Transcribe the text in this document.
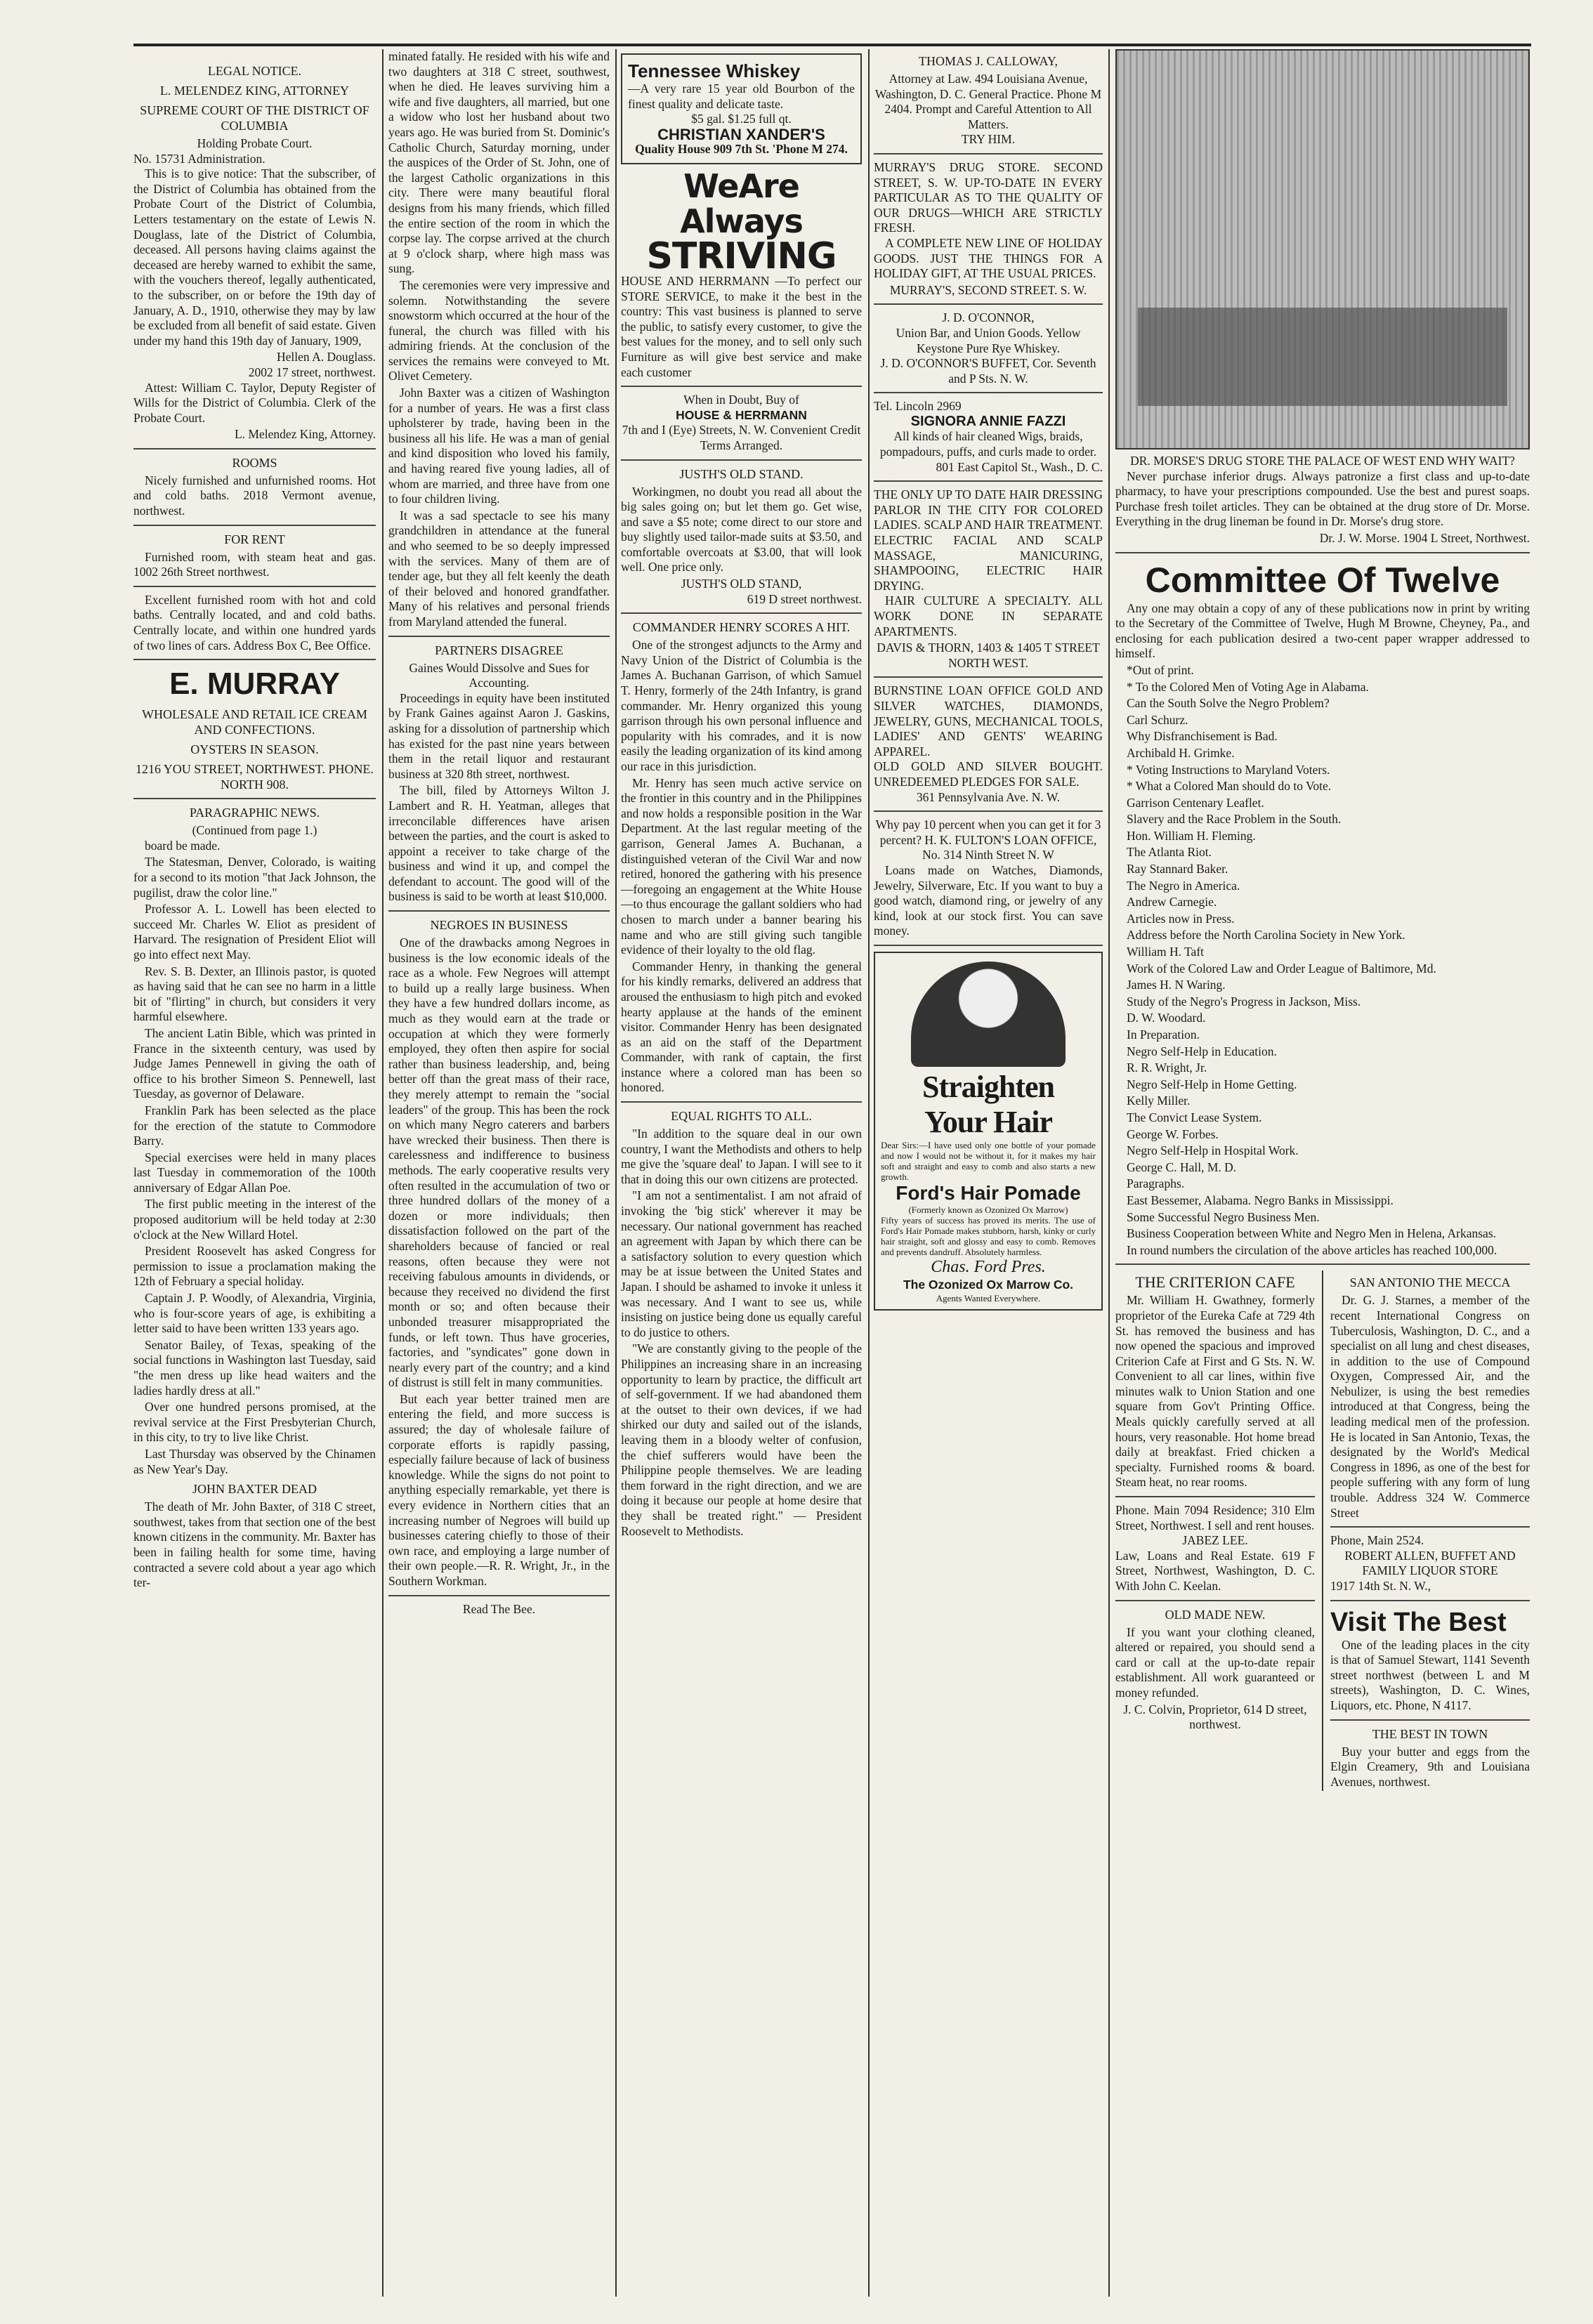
LEGAL NOTICE.
L. MELENDEZ KING, ATTORNEY
SUPREME COURT OF THE DISTRICT OF COLUMBIA
Holding Probate Court.
No. 15731 Administration.

This is to give notice: That the subscriber, of the District of Columbia has obtained from the Probate Court of the District of Columbia, Letters testamentary on the estate of Lewis N. Douglass, late of the District of Columbia, deceased. All persons having claims against the deceased are hereby warned to exhibit the same, with the vouchers thereof, legally authenticated, to the subscriber, on or before the 19th day of January, A. D., 1910, otherwise they may by law be excluded from all benefit of said estate. Given under my hand this 19th day of January, 1909,

Hellen A. Douglass.
2002 17 street, northwest.

Attest: William C. Taylor, Deputy Register of Wills for the District of Columbia. Clerk of the Probate Court.

L. Melendez King, Attorney.
ROOMS

Nicely furnished and unfurnished rooms. Hot and cold baths. 2018 Vermont avenue, northwest.

FOR RENT

Furnished room, with steam heat and gas. 1002 26th Street northwest.

Excellent furnished room with hot and cold baths. Centrally located, and and cold baths. Centrally locate, and within one hundred yards of two lines of cars. Address Box C, Bee Office.

E. MURRAY
WHOLESALE AND RETAIL ICE CREAM AND CONFECTIONS.
OYSTERS IN SEASON.
1216 YOU STREET, NORTHWEST. PHONE. NORTH 908.
PARAGRAPHIC NEWS.
(Continued from page 1.)

board be made.

The Statesman, Denver, Colorado, is waiting for a second to its motion "that Jack Johnson, the pugilist, draw the color line."

Professor A. L. Lowell has been elected to succeed Mr. Charles W. Eliot as president of Harvard. The resignation of President Eliot will go into effect next May.

Rev. S. B. Dexter, an Illinois pastor, is quoted as having said that he can see no harm in a little bit of "flirting" in church, but considers it very harmful elsewhere.

The ancient Latin Bible, which was printed in France in the sixteenth century, was used by Judge James Pennewell in giving the oath of office to his brother Simeon S. Pennewell, last Tuesday, as governor of Delaware.

Franklin Park has been selected as the place for the erection of the statute to Commodore Barry.

Special exercises were held in many places last Tuesday in commemoration of the 100th anniversary of Edgar Allan Poe.

The first public meeting in the interest of the proposed auditorium will be held today at 2:30 o'clock at the New Willard Hotel.

President Roosevelt has asked Congress for permission to issue a proclamation making the 12th of February a special holiday.

Captain J. P. Woodly, of Alexandria, Virginia, who is four-score years of age, is exhibiting a letter said to have been written 133 years ago.

Senator Bailey, of Texas, speaking of the social functions in Washington last Tuesday, said "the men dress up like head waiters and the ladies hardly dress at all."

Over one hundred persons promised, at the revival service at the First Presbyterian Church, in this city, to try to live like Christ.

Last Thursday was observed by the Chinamen as New Year's Day.

JOHN BAXTER DEAD

The death of Mr. John Baxter, of 318 C street, southwest, takes from that section one of the best known citizens in the community. Mr. Baxter has been in failing health for some time, having contracted a severe cold about a year ago which ter-

minated fatally. He resided with his wife and two daughters at 318 C street, southwest, when he died. He leaves surviving him a wife and five daughters, all married, but one a widow who lost her husband about two years ago. He was buried from St. Dominic's Catholic Church, Saturday morning, under the auspices of the Order of St. John, one of the largest Catholic organizations in this city. There were many beautiful floral designs from his many friends, which filled the entire section of the room in which the corpse lay. The corpse arrived at the church at 9 o'clock sharp, where high mass was sung.

The ceremonies were very impressive and solemn. Notwithstanding the severe snowstorm which occurred at the hour of the funeral, the church was filled with his admiring friends. At the conclusion of the services the remains were conveyed to Mt. Olivet Cemetery.

John Baxter was a citizen of Washington for a number of years. He was a first class upholsterer by trade, having been in the business all his life. He was a man of genial and kind disposition who loved his family, and having reared five young ladies, all of whom are married, and three have from one to four children living.

It was a sad spectacle to see his many grandchildren in attendance at the funeral and who seemed to be so deeply impressed with the services. Many of them are of tender age, but they all felt keenly the death of their beloved and honored grandfather. Many of his relatives and personal friends from Maryland attended the funeral.

PARTNERS DISAGREE
Gaines Would Dissolve and Sues for Accounting.

Proceedings in equity have been instituted by Frank Gaines against Aaron J. Gaskins, asking for a dissolution of partnership which has existed for the past nine years between them in the retail liquor and restaurant business at 320 8th street, northwest.

The bill, filed by Attorneys Wilton J. Lambert and R. H. Yeatman, alleges that irreconcilable differences have arisen between the parties, and the court is asked to appoint a receiver to take charge of the business and wind it up, and compel the defendant to account. The good will of the business is said to be worth at least $10,000.

NEGROES IN BUSINESS

One of the drawbacks among Negroes in business is the low economic ideals of the race as a whole. Few Negroes will attempt to build up a really large business. When they have a few hundred dollars income, as much as they would earn at the trade or occupation at which they were formerly employed, they often then aspire for social rather than business leadership, and, being better off than the great mass of their race, they merely attempt to remain the "social leaders" of the group. This has been the rock on which many Negro caterers and barbers have wrecked their business. Then there is carelessness and indifference to business methods. The early cooperative results very often resulted in the accumulation of two or three hundred dollars of the money of a dozen or more individuals; then dissatisfaction followed on the part of the shareholders because of fancied or real reasons, often because they were not receiving fabulous amounts in dividends, or because they received no dividend the first month or so; and often because their unbonded treasurer misappropriated the funds, or left town. Thus have groceries, factories, and "syndicates" gone down in nearly every part of the country; and a kind of distrust is still felt in many communities.

But each year better trained men are entering the field, and more success is assured; the day of wholesale failure of corporate efforts is rapidly passing, especially failure because of lack of business knowledge. While the signs do not point to anything especially remarkable, yet there is every evidence in Northern cities that an increasing number of Negroes will build up businesses catering chiefly to those of their own race, and employing a large number of their own people.—R. R. Wright, Jr., in the Southern Workman.

Read The Bee.
Tennessee Whiskey
—A very rare 15 year old Bourbon of the finest quality and delicate taste.
$5 gal. $1.25 full qt.
CHRISTIAN XANDER'S
Quality House 909 7th St. 'Phone M 274.
WeAre Always
STRIVING

HOUSE AND HERRMANN —To perfect our STORE SERVICE, to make it the best in the country: This vast business is planned to serve the public, to satisfy every customer, to give the best values for the money, and to sell only such Furniture as will give best service and make each customer

When in Doubt, Buy of
HOUSE & HERRMANN
7th and I (Eye) Streets, N. W. Convenient Credit Terms Arranged.
JUSTH'S OLD STAND.

Workingmen, no doubt you read all about the big sales going on; but let them go. Get wise, and save a $5 note; come direct to our store and buy slightly used tailor-made suits at $3.50, and comfortable overcoats at $3.00, that will look well. One price only.

JUSTH'S OLD STAND,
619 D street northwest.
COMMANDER HENRY SCORES A HIT.

One of the strongest adjuncts to the Army and Navy Union of the District of Columbia is the James A. Buchanan Garrison, of which Samuel T. Henry, formerly of the 24th Infantry, is grand commander. Mr. Henry organized this young garrison through his own personal influence and popularity with his comrades, and it is now easily the leading organization of its kind among our race in this jurisdiction.

Mr. Henry has seen much active service on the frontier in this country and in the Philippines and now holds a responsible position in the War Department. At the last regular meeting of the garrison, General James A. Buchanan, a distinguished veteran of the Civil War and now retired, honored the gathering with his presence—foregoing an engagement at the White House—to thus encourage the gallant soldiers who had chosen to march under a banner bearing his name and who are still giving such tangible evidence of their loyalty to the old flag.

Commander Henry, in thanking the general for his kindly remarks, delivered an address that aroused the enthusiasm to high pitch and evoked hearty applause at the hands of the eminent visitor. Commander Henry has been designated as an aid on the staff of the Department Commander, with rank of captain, the first instance where a colored man has been so honored.

EQUAL RIGHTS TO ALL.

"In addition to the square deal in our own country, I want the Methodists and others to help me give the 'square deal' to Japan. I will see to it that in doing this our own citizens are protected.

"I am not a sentimentalist. I am not afraid of invoking the 'big stick' wherever it may be necessary. Our national government has reached an agreement with Japan by which there can be a satisfactory solution to every question which may be at issue between the United States and Japan. I should be ashamed to invoke it unless it was necessary. And I want to see us, while insisting on justice being done us equally careful to do justice to others.

"We are constantly giving to the people of the Philippines an increasing share in an increasing opportunity to learn by practice, the difficult art of self-government. If we had abandoned them at the outset to their own devices, if we had shirked our duty and sailed out of the islands, leaving them in a bloody welter of confusion, the chief sufferers would have been the Philippine people themselves. We are leading them forward in the right direction, and we are doing it because our people at home desire that they shall be treated right." — President Roosevelt to Methodists.

THOMAS J. CALLOWAY,
Attorney at Law. 494 Louisiana Avenue, Washington, D. C. General Practice. Phone M 2404. Prompt and Careful Attention to All Matters.
TRY HIM.
MURRAY'S DRUG STORE. SECOND STREET, S. W. UP-TO-DATE IN EVERY PARTICULAR AS TO THE QUALITY OF OUR DRUGS—WHICH ARE STRICTLY FRESH.

A COMPLETE NEW LINE OF HOLIDAY GOODS. JUST THE THINGS FOR A HOLIDAY GIFT, AT THE USUAL PRICES.

MURRAY'S, SECOND STREET. S. W.
J. D. O'CONNOR,
Union Bar, and Union Goods. Yellow Keystone Pure Rye Whiskey.
J. D. O'CONNOR'S BUFFET, Cor. Seventh and P Sts. N. W.
Tel. Lincoln 2969
SIGNORA ANNIE FAZZI
All kinds of hair cleaned Wigs, braids, pompadours, puffs, and curls made to order.
801 East Capitol St., Wash., D. C.
THE ONLY UP TO DATE HAIR DRESSING PARLOR IN THE CITY FOR COLORED LADIES. SCALP AND HAIR TREATMENT. ELECTRIC FACIAL AND SCALP MASSAGE, MANICURING, SHAMPOOING, ELECTRIC HAIR DRYING.

HAIR CULTURE A SPECIALTY. ALL WORK DONE IN SEPARATE APARTMENTS.

DAVIS & THORN, 1403 & 1405 T STREET NORTH WEST.
BURNSTINE LOAN OFFICE GOLD AND SILVER WATCHES, DIAMONDS, JEWELRY, GUNS, MECHANICAL TOOLS, LADIES' AND GENTS' WEARING APPAREL.
OLD GOLD AND SILVER BOUGHT. UNREDEEMED PLEDGES FOR SALE.
361 Pennsylvania Ave. N. W.
Why pay 10 percent when you can get it for 3 percent? H. K. FULTON'S LOAN OFFICE,
No. 314 Ninth Street N. W

Loans made on Watches, Diamonds, Jewelry, Silverware, Etc. If you want to buy a good watch, diamond ring, or jewelry of any kind, look at our stock first. You can save money.

Straighten
Your Hair
Dear Sirs:—I have used only one bottle of your pomade and now I would not be without it, for it makes my hair soft and straight and easy to comb and also starts a new growth.
Ford's Hair Pomade
(Formerly known as Ozonized Ox Marrow)
Fifty years of success has proved its merits. The use of Ford's Hair Pomade makes stubborn, harsh, kinky or curly hair straight, soft and glossy and easy to comb. Removes and prevents dandruff. Absolutely harmless.
Chas. Ford Pres.
The Ozonized Ox Marrow Co.
Agents Wanted Everywhere.
DR. MORSE'S DRUG STORE THE PALACE OF WEST END WHY WAIT?

Never purchase inferior drugs. Always patronize a first class and up-to-date pharmacy, to have your prescriptions compounded. Use the best and purest soaps. Purchase fresh toilet articles. They can be obtained at the drug store of Dr. Morse. Everything in the drug lineman be found in Dr. Morse's drug store.

Dr. J. W. Morse. 1904 L Street, Northwest.
Committee Of Twelve

Any one may obtain a copy of any of these publications now in print by writing to the Secretary of the Committee of Twelve, Hugh M Browne, Cheyney, Pa., and enclosing for each publication desired a two-cent paper wrapper addressed to himself.

*Out of print.

* To the Colored Men of Voting Age in Alabama.

Can the South Solve the Negro Problem?

Carl Schurz.

Why Disfranchisement is Bad.

Archibald H. Grimke.

* Voting Instructions to Maryland Voters.

* What a Colored Man should do to Vote.

Garrison Centenary Leaflet.

Slavery and the Race Problem in the South.

Hon. William H. Fleming.

The Atlanta Riot.

Ray Stannard Baker.

The Negro in America.

Andrew Carnegie.

Articles now in Press.

Address before the North Carolina Society in New York.

William H. Taft

Work of the Colored Law and Order League of Baltimore, Md.

James H. N Waring.

Study of the Negro's Progress in Jackson, Miss.

D. W. Woodard.

In Preparation.

Negro Self-Help in Education.

R. R. Wright, Jr.

Negro Self-Help in Home Getting.

Kelly Miller.

The Convict Lease System.

George W. Forbes.

Negro Self-Help in Hospital Work.

George C. Hall, M. D.

Paragraphs.

East Bessemer, Alabama. Negro Banks in Mississippi.

Some Successful Negro Business Men.

Business Cooperation between White and Negro Men in Helena, Arkansas.

In round numbers the circulation of the above articles has reached 100,000.

THE CRITERION CAFE

Mr. William H. Gwathney, formerly proprietor of the Eureka Cafe at 729 4th St. has removed the business and has now opened the spacious and improved Criterion Cafe at First and G Sts. N. W. Convenient to all car lines, within five minutes walk to Union Station and one square from Gov't Printing Office. Meals quickly carefully served at all hours, very reasonable. Hot home bread daily at breakfast. Fried chicken a specialty. Furnished rooms & board. Steam heat, no rear rooms.

Phone. Main 7094 Residence; 310 Elm Street, Northwest. I sell and rent houses.
JABEZ LEE.
Law, Loans and Real Estate. 619 F Street, Northwest, Washington, D. C. With John C. Keelan.
OLD MADE NEW.

If you want your clothing cleaned, altered or repaired, you should send a card or call at the up-to-date repair establishment. All work guaranteed or money refunded.

J. C. Colvin, Proprietor, 614 D street, northwest.
SAN ANTONIO THE MECCA

Dr. G. J. Starnes, a member of the recent International Congress on Tuberculosis, Washington, D. C., and a specialist on all lung and chest diseases, in addition to the use of Compound Oxygen, Compressed Air, and the Nebulizer, is using the best remedies introduced at that Congress, being the leading medical men of the profession. He is located in San Antonio, Texas, the designated by the World's Medical Congress in 1896, as one of the best for people suffering with any form of lung trouble. Address 324 W. Commerce Street

Phone, Main 2524.
ROBERT ALLEN, BUFFET AND FAMILY LIQUOR STORE
1917 14th St. N. W.,
Visit The Best

One of the leading places in the city is that of Samuel Stewart, 1141 Seventh street northwest (between L and M streets), Washington, D. C. Wines, Liquors, etc. Phone, N 4117.

THE BEST IN TOWN

Buy your butter and eggs from the Elgin Creamery, 9th and Louisiana Avenues, northwest.
